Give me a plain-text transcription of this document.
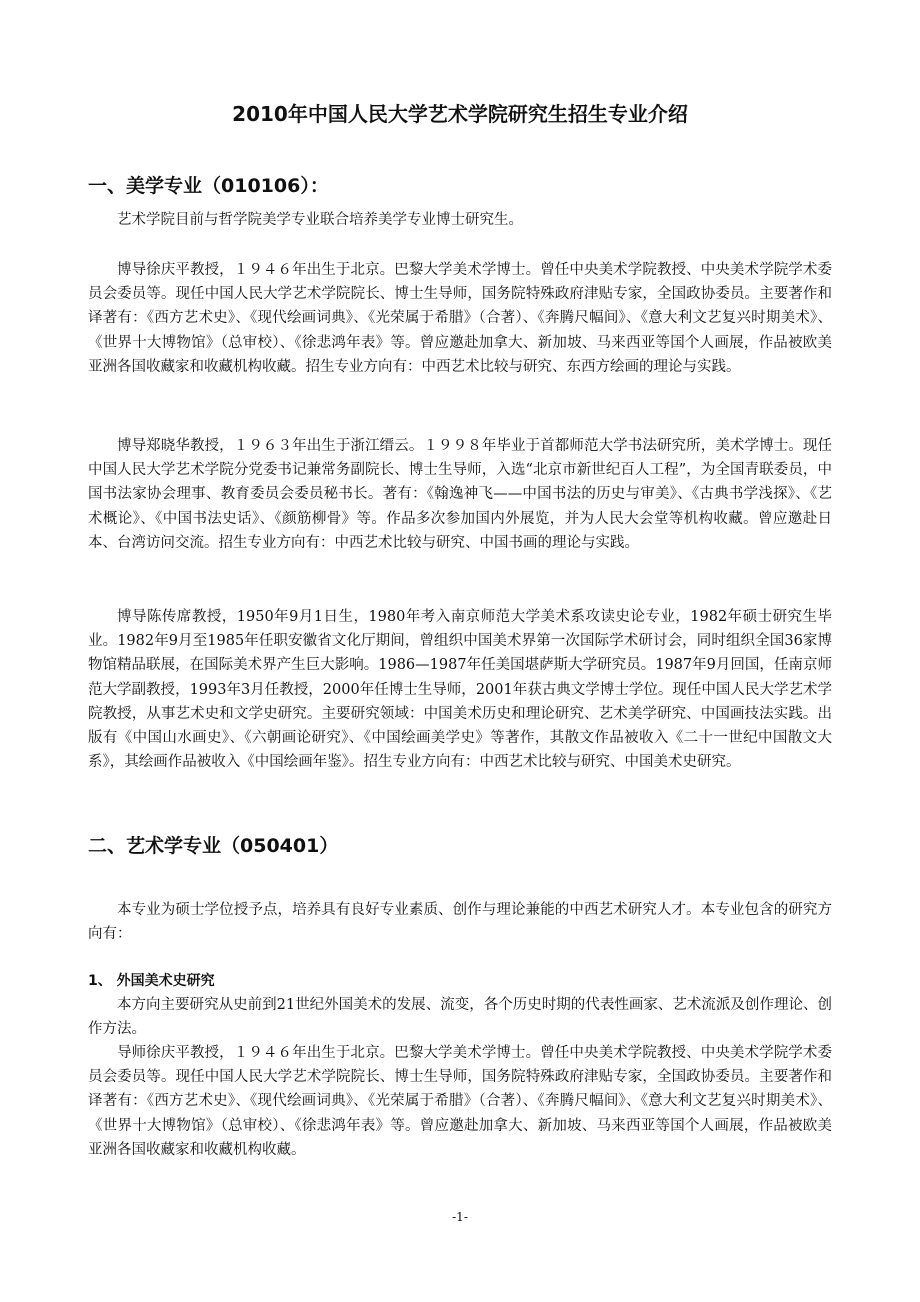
2010年中国人民大学艺术学院研究生招生专业介绍
一、美学专业（010106）：

艺术学院目前与哲学院美学专业联合培养美学专业博士研究生。

博导徐庆平教授，１９４６年出生于北京。巴黎大学美术学博士。曾任中央美术学院教授、中央美术学院学术委员会委员等。现任中国人民大学艺术学院院长、博士生导师，国务院特殊政府津贴专家，全国政协委员。主要著作和译著有：《西方艺术史》、《现代绘画词典》、《光荣属于希腊》（合著）、《奔腾尺幅间》、《意大利文艺复兴时期美术》、《世界十大博物馆》（总审校）、《徐悲鸿年表》等。曾应邀赴加拿大、新加坡、马来西亚等国个人画展，作品被欧美亚洲各国收藏家和收藏机构收藏。招生专业方向有：中西艺术比较与研究、东西方绘画的理论与实践。

博导郑晓华教授，１９６３年出生于浙江缙云。１９９８年毕业于首都师范大学书法研究所，美术学博士。现任中国人民大学艺术学院分党委书记兼常务副院长、博士生导师，入选“北京市新世纪百人工程”，为全国青联委员，中国书法家协会理事、教育委员会委员秘书长。著有：《翰逸神飞——中国书法的历史与审美》、《古典书学浅探》、《艺术概论》、《中国书法史话》、《颜筋柳骨》等。作品多次参加国内外展览，并为人民大会堂等机构收藏。曾应邀赴日本、台湾访问交流。招生专业方向有：中西艺术比较与研究、中国书画的理论与实践。

博导陈传席教授，1950年9月1日生，1980年考入南京师范大学美术系攻读史论专业，1982年硕士研究生毕业。1982年9月至1985年任职安徽省文化厅期间，曾组织中国美术界第一次国际学术研讨会，同时组织全国36家博物馆精品联展，在国际美术界产生巨大影响。1986—1987年任美国堪萨斯大学研究员。1987年9月回国，任南京师范大学副教授，1993年3月任教授，2000年任博士生导师，2001年获古典文学博士学位。现任中国人民大学艺术学院教授，从事艺术史和文学史研究。主要研究领域：中国美术历史和理论研究、艺术美学研究、中国画技法实践。出版有《中国山水画史》、《六朝画论研究》、《中国绘画美学史》等著作，其散文作品被收入《二十一世纪中国散文大系》，其绘画作品被收入《中国绘画年鉴》。招生专业方向有：中西艺术比较与研究、中国美术史研究。

二、艺术学专业（050401）

本专业为硕士学位授予点，培养具有良好专业素质、创作与理论兼能的中西艺术研究人才。本专业包含的研究方向有：

1、 外国美术史研究

本方向主要研究从史前到21世纪外国美术的发展、流变，各个历史时期的代表性画家、艺术流派及创作理论、创作方法。

导师徐庆平教授，１９４６年出生于北京。巴黎大学美术学博士。曾任中央美术学院教授、中央美术学院学术委员会委员等。现任中国人民大学艺术学院院长、博士生导师，国务院特殊政府津贴专家，全国政协委员。主要著作和译著有：《西方艺术史》、《现代绘画词典》、《光荣属于希腊》（合著）、《奔腾尺幅间》、《意大利文艺复兴时期美术》、《世界十大博物馆》（总审校）、《徐悲鸿年表》等。曾应邀赴加拿大、新加坡、马来西亚等国个人画展，作品被欧美亚洲各国收藏家和收藏机构收藏。

-1-
